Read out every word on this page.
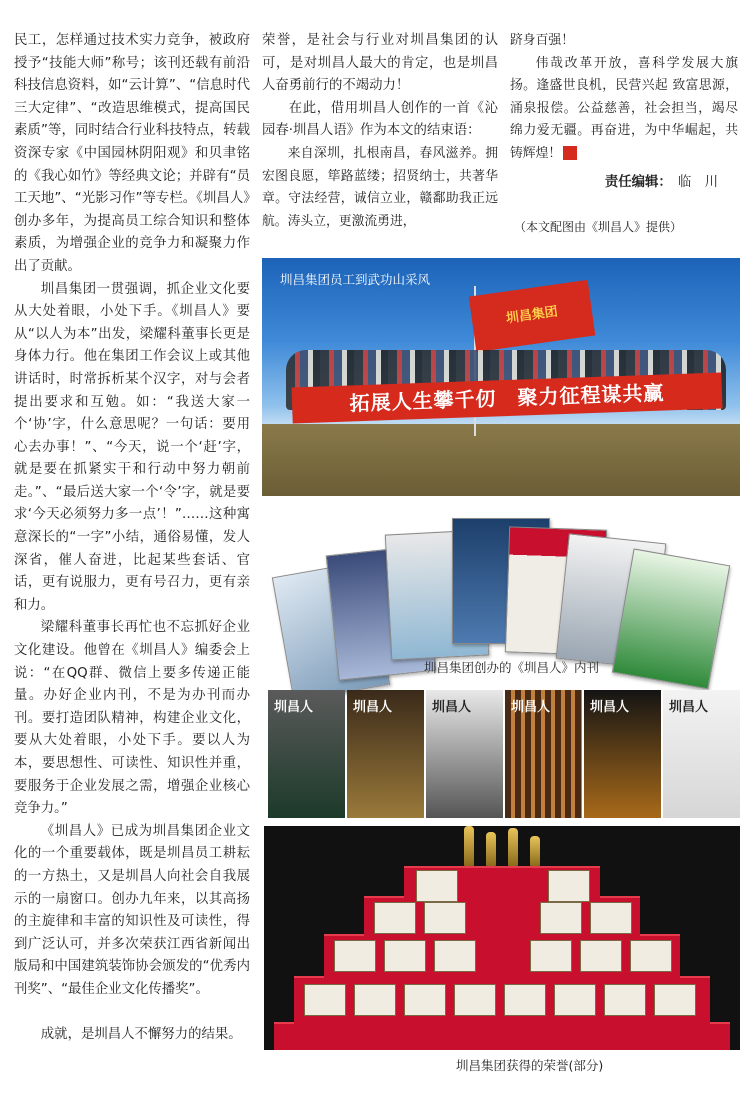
民工，怎样通过技术实力竞争，被政府授予“技能大师”称号；该刊还载有前沿科技信息资料，如“云计算”、“信息时代三大定律”、“改造思维模式，提高国民素质”等，同时结合行业科技特点，转载资深专家《中国园林阴阳观》和贝聿铭的《我心如竹》等经典文论；并辟有“员工天地”、“光影习作”等专栏。《圳昌人》创办多年，为提高员工综合知识和整体素质，为增强企业的竞争力和凝聚力作出了贡献。

圳昌集团一贯强调，抓企业文化要从大处着眼，小处下手。《圳昌人》要从“以人为本”出发，梁耀科董事长更是身体力行。他在集团工作会议上或其他讲话时，时常拆析某个汉字，对与会者提出要求和互勉。如：“我送大家一个‘协’字，什么意思呢？一句话：要用心去办事！”、“今天，说一个‘赶’字，就是要在抓紧实干和行动中努力朝前走。”、“最后送大家一个‘令’字，就是要求‘今天必须努力多一点’！”……这种寓意深长的“一字”小结，通俗易懂，发人深省，催人奋进，比起某些套话、官话，更有说服力，更有号召力，更有亲和力。

梁耀科董事长再忙也不忘抓好企业文化建设。他曾在《圳昌人》编委会上说：“在QQ群、微信上要多传递正能量。办好企业内刊，不是为办刊而办刊。要打造团队精神，构建企业文化，要从大处着眼，小处下手。要以人为本，要思想性、可读性、知识性并重，要服务于企业发展之需，增强企业核心竞争力。”

《圳昌人》已成为圳昌集团企业文化的一个重要载体，既是圳昌员工耕耘的一方热土，又是圳昌人向社会自我展示的一扇窗口。创办九年来，以其高扬的主旋律和丰富的知识性及可读性，得到广泛认可，并多次荣获江西省新闻出版局和中国建筑装饰协会颁发的“优秀内刊奖”、“最佳企业文化传播奖”。

成就，是圳昌人不懈努力的结果。

荣誉，是社会与行业对圳昌集团的认可，是对圳昌人最大的肯定，也是圳昌人奋勇前行的不竭动力！

在此，借用圳昌人创作的一首《沁园春·圳昌人语》作为本文的结束语：

来自深圳，扎根南昌，春风滋养。拥宏图良愿，筚路蓝缕；招贤纳士，共著华章。守法经营，诚信立业，赣鄱助我正远航。涛头立，更激流勇进，

跻身百强！

伟哉改革开放，喜科学发展大旗扬。逢盛世良机，民营兴起 致富思源，涌泉报偿。公益慈善，社会担当，竭尽绵力爱无疆。再奋进，为中华崛起，共铸辉煌！	今

责任编辑： 临　川

（本文配图由《圳昌人》提供）
圳昌集团员工到武功山采风
圳昌集团
拓展人生攀千仞　聚力征程谋共赢
圳昌集团创办的《圳昌人》内刊
圳昌人	圳昌人	圳昌人	圳昌人	圳昌人	圳昌人
圳昌集团获得的荣誉(部分)
